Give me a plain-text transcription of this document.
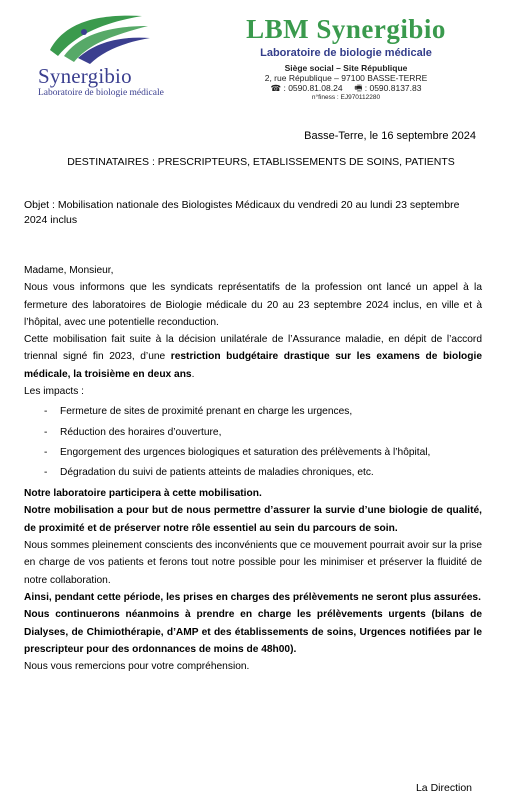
Synergibio
Laboratoire de biologie médicale
LBM Synergibio
Laboratoire de biologie médicale
Siège social – Site République
2, rue République – 97100 BASSE-TERRE
☎ : 0590.81.08.24 🖷 : 0590.8137.83
n°finess : EJ970112280
Basse-Terre, le 16 septembre 2024
DESTINATAIRES : PRESCRIPTEURS, ETABLISSEMENTS DE SOINS, PATIENTS
Objet : Mobilisation nationale des Biologistes Médicaux du vendredi 20 au lundi 23 septembre 2024 inclus

Madame, Monsieur,

Nous vous informons que les syndicats représentatifs de la profession ont lancé un appel à la fermeture des laboratoires de Biologie médicale du 20 au 23 septembre 2024 inclus, en ville et à l’hôpital, avec une potentielle reconduction.

Cette mobilisation fait suite à la décision unilatérale de l’Assurance maladie, en dépit de l’accord triennal signé fin 2023, d’une restriction budgétaire drastique sur les examens de biologie médicale, la troisième en deux ans.

Les impacts :

- Fermeture de sites de proximité prenant en charge les urgences,
- Réduction des horaires d’ouverture,
- Engorgement des urgences biologiques et saturation des prélèvements à l’hôpital,
- Dégradation du suivi de patients atteints de maladies chroniques, etc.

Notre laboratoire participera à cette mobilisation.

Notre mobilisation a pour but de nous permettre d’assurer la survie d’une biologie de qualité, de proximité et de préserver notre rôle essentiel au sein du parcours de soin.

Nous sommes pleinement conscients des inconvénients que ce mouvement pourrait avoir sur la prise en charge de vos patients et ferons tout notre possible pour les minimiser et préserver la fluidité de notre collaboration.

Ainsi, pendant cette période, les prises en charges des prélèvements ne seront plus assurées.

Nous continuerons néanmoins à prendre en charge les prélèvements urgents (bilans de Dialyses, de Chimiothérapie, d’AMP et des établissements de soins, Urgences notifiées par le prescripteur pour des ordonnances de moins de 48h00).

Nous vous remercions pour votre compréhension.

La Direction
